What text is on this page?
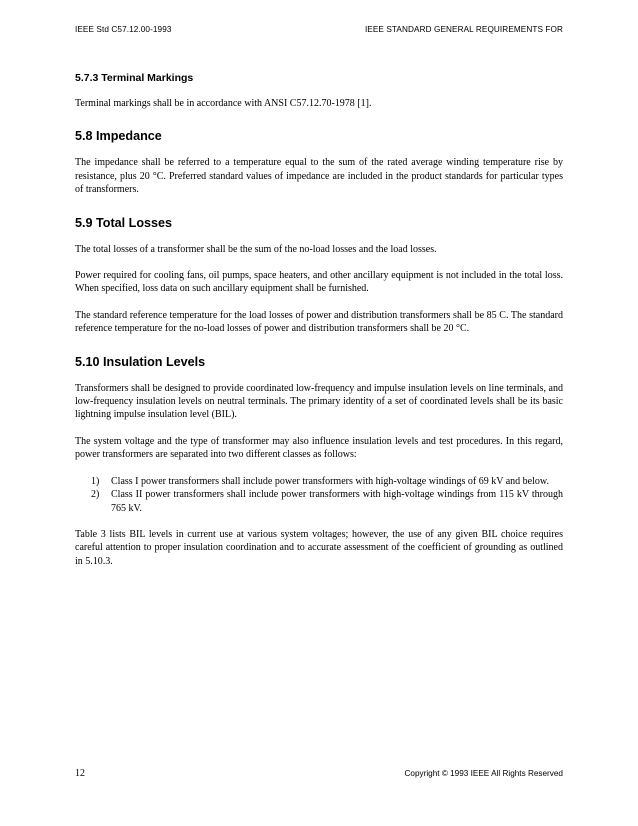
IEEE Std C57.12.00-1993	IEEE STANDARD GENERAL REQUIREMENTS FOR
5.7.3 Terminal Markings

Terminal markings shall be in accordance with ANSI C57.12.70-1978 [1].

5.8 Impedance

The impedance shall be referred to a temperature equal to the sum of the rated average winding temperature rise by resistance, plus 20 °C. Preferred standard values of impedance are included in the product standards for particular types of transformers.

5.9 Total Losses

The total losses of a transformer shall be the sum of the no-load losses and the load losses.

Power required for cooling fans, oil pumps, space heaters, and other ancillary equipment is not included in the total loss. When specified, loss data on such ancillary equipment shall be furnished.

The standard reference temperature for the load losses of power and distribution transformers shall be 85 C. The standard reference temperature for the no-load losses of power and distribution transformers shall be 20 °C.

5.10 Insulation Levels

Transformers shall be designed to provide coordinated low-frequency and impulse insulation levels on line terminals, and low-frequency insulation levels on neutral terminals. The primary identity of a set of coordinated levels shall be its basic lightning impulse insulation level (BIL).

The system voltage and the type of transformer may also influence insulation levels and test procedures. In this regard, power transformers are separated into two different classes as follows:

1)	Class I power transformers shall include power transformers with high-voltage windings of 69 kV and below.
2)	Class II power transformers shall include power transformers with high-voltage windings from 115 kV through 765 kV.

Table 3 lists BIL levels in current use at various system voltages; however, the use of any given BIL choice requires careful attention to proper insulation coordination and to accurate assessment of the coefficient of grounding as outlined in 5.10.3.

12	Copyright © 1993 IEEE All Rights Reserved
